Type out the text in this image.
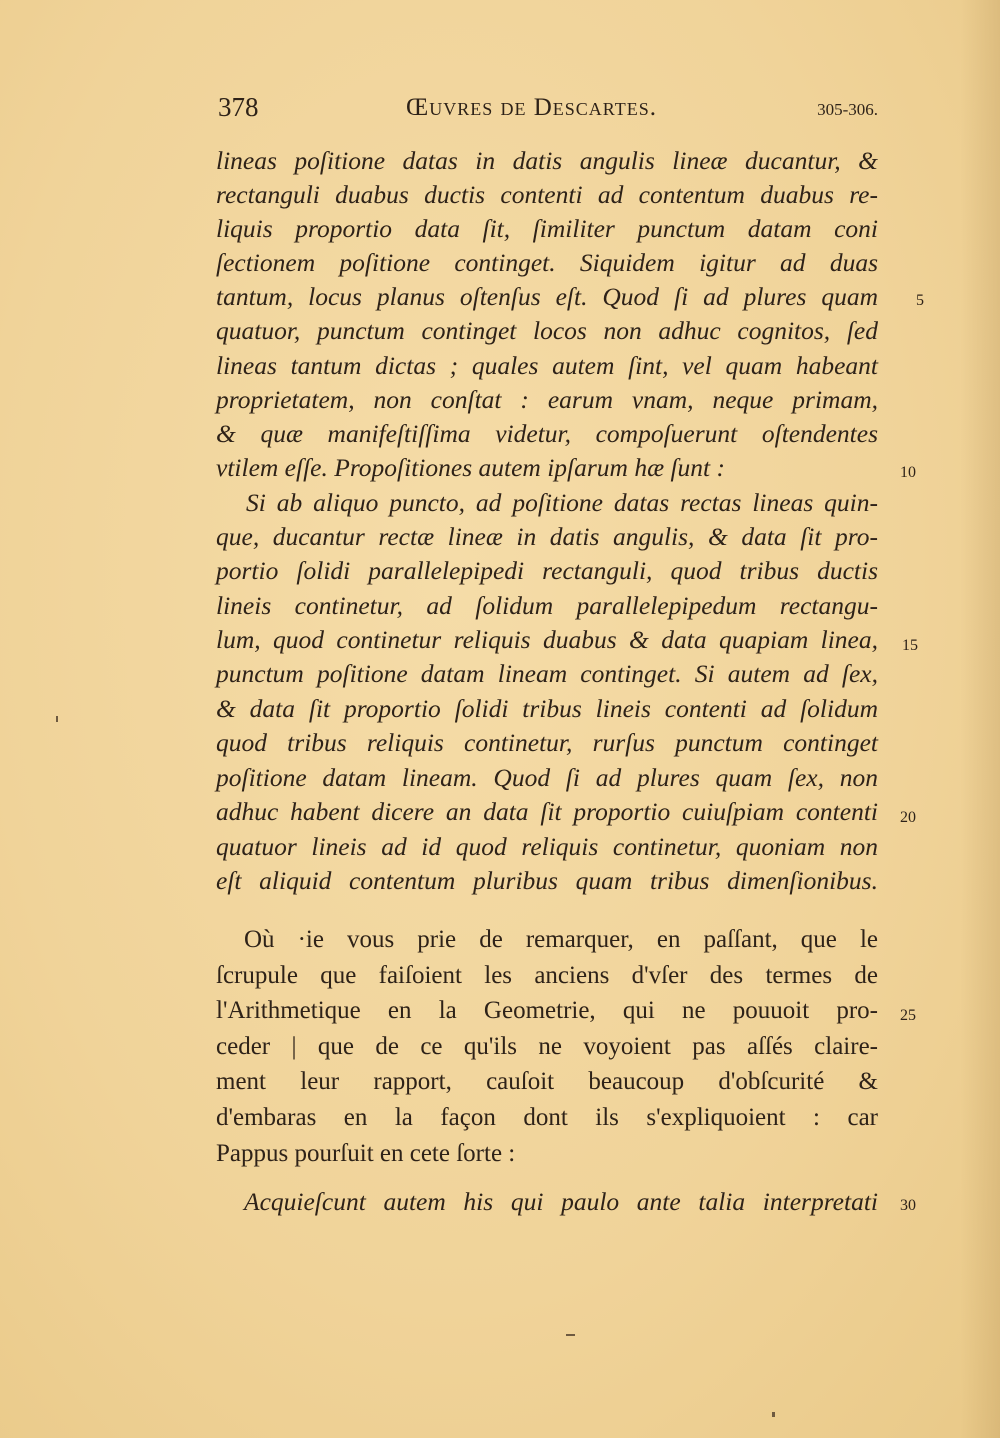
378	Œuvres de Descartes.	305-306.
lineas poſitione datas in datis angulis lineæ ducantur, &
rectanguli duabus ductis contenti ad contentum duabus re-
liquis proportio data ſit, ſimiliter punctum datam coni
ſectionem poſitione continget. Siquidem igitur ad duas
tantum, locus planus oſtenſus eſt. Quod ſi ad plures quam
quatuor, punctum continget locos non adhuc cognitos, ſed
lineas tantum dictas ; quales autem ſint, vel quam habeant
proprietatem, non conſtat : earum vnam, neque primam,
& quæ manifeſtiſſima videtur, compoſuerunt oſtendentes
vtilem eſſe. Propoſitiones autem ipſarum hæ ſunt :
Si ab aliquo puncto, ad poſitione datas rectas lineas quin-
que, ducantur rectæ lineæ in datis angulis, & data ſit pro-
portio ſolidi parallelepipedi rectanguli, quod tribus ductis
lineis continetur, ad ſolidum parallelepipedum rectangu-
lum, quod continetur reliquis duabus & data quapiam linea,
punctum poſitione datam lineam continget. Si autem ad ſex,
& data ſit proportio ſolidi tribus lineis contenti ad ſolidum
quod tribus reliquis continetur, rurſus punctum continget
poſitione datam lineam. Quod ſi ad plures quam ſex, non
adhuc habent dicere an data ſit proportio cuiuſpiam contenti
quatuor lineis ad id quod reliquis continetur, quoniam non
eſt aliquid contentum pluribus quam tribus dimenſionibus.
Où ·ie vous prie de remarquer, en paſſant, que le
ſcrupule que faiſoient les anciens d'vſer des termes de
l'Arithmetique en la Geometrie, qui ne pouuoit pro-
ceder | que de ce qu'ils ne voyoient pas aſſés claire-
ment leur rapport, cauſoit beaucoup d'obſcurité &
d'embaras en la façon dont ils s'expliquoient : car
Pappus pourſuit en cete ſorte :
Acquieſcunt autem his qui paulo ante talia interpretati
5
10
15
20
25
30
